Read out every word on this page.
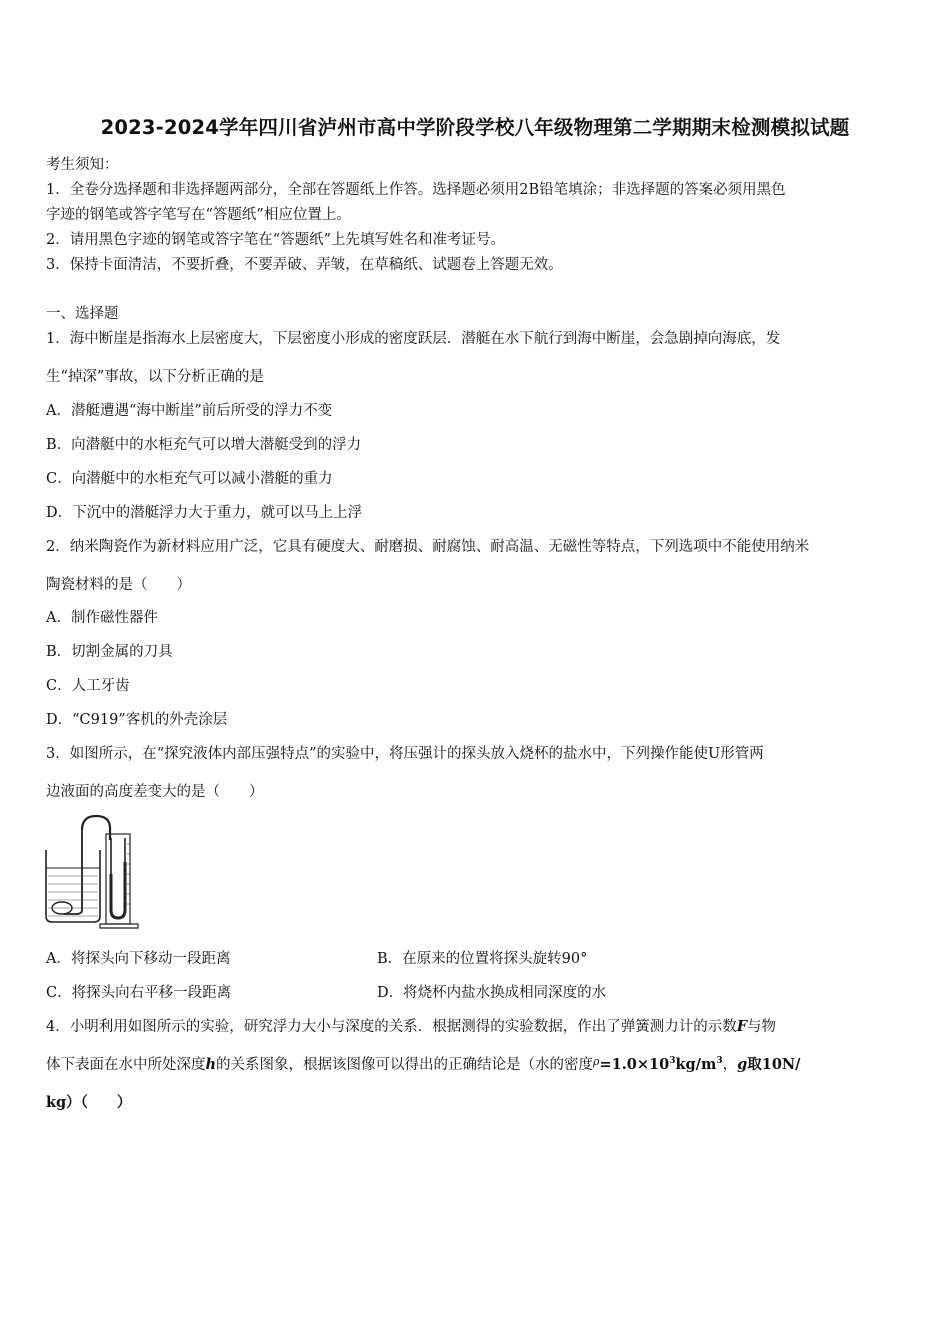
2023-2024学年四川省泸州市高中学阶段学校八年级物理第二学期期末检测模拟试题
考生须知：
1．全卷分选择题和非选择题两部分，全部在答题纸上作答。选择题必须用2B铅笔填涂；非选择题的答案必须用黑色
字迹的钢笔或答字笔写在“答题纸”相应位置上。
2．请用黑色字迹的钢笔或答字笔在“答题纸”上先填写姓名和准考证号。
3．保持卡面清洁，不要折叠，不要弄破、弄皱，在草稿纸、试题卷上答题无效。
一、选择题
1．海中断崖是指海水上层密度大，下层密度小形成的密度跃层．潜艇在水下航行到海中断崖，会急剧掉向海底，发
生“掉深”事故，以下分析正确的是
A．潜艇遭遇“海中断崖”前后所受的浮力不变
B．向潜艇中的水柜充气可以增大潜艇受到的浮力
C．向潜艇中的水柜充气可以减小潜艇的重力
D．下沉中的潜艇浮力大于重力，就可以马上上浮
2．纳米陶瓷作为新材料应用广泛，它具有硬度大、耐磨损、耐腐蚀、耐高温、无磁性等特点，下列选项中不能使用纳米
陶瓷材料的是（　　）
A．制作磁性器件
B．切割金属的刀具
C．人工牙齿
D．“C919”客机的外壳涂层
3．如图所示，在“探究液体内部压强特点”的实验中，将压强计的探头放入烧杯的盐水中，下列操作能使U形管两
边液面的高度差变大的是（　　）
A．将探头向下移动一段距离	B．在原来的位置将探头旋转90°
C．将探头向右平移一段距离	D．将烧杯内盐水换成相同深度的水
4．小明利用如图所示的实验，研究浮力大小与深度的关系．根据测得的实验数据，作出了弹簧测力计的示数F与物
体下表面在水中所处深度h的关系图象，根据该图像可以得出的正确结论是（水的密度$^\rho=1.0\times 10^3kg/m^3$，g取10N/
kg）（　　）
